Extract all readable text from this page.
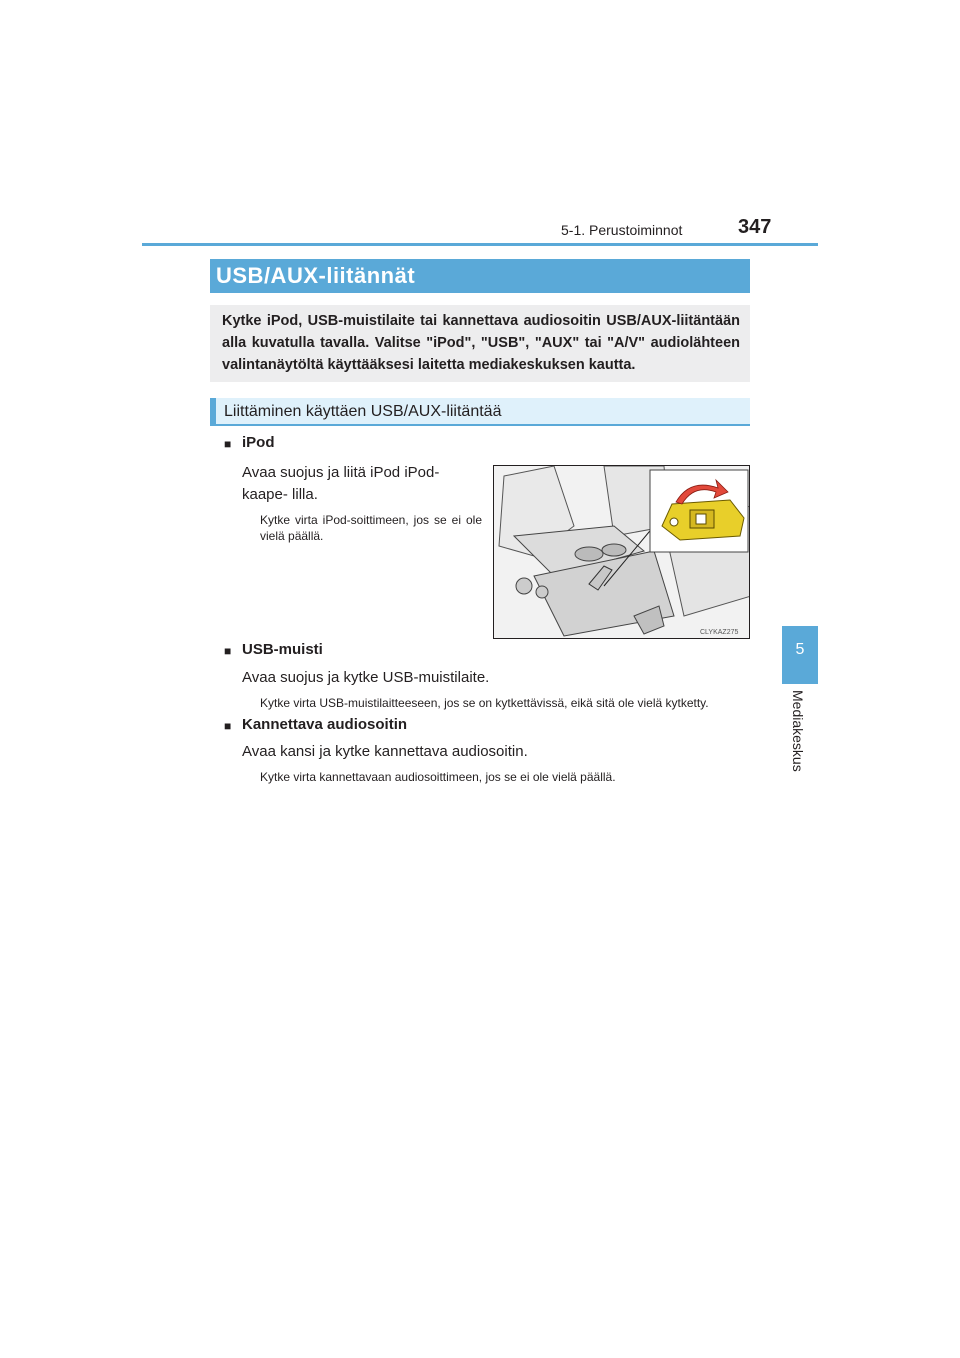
5-1. Perustoiminnot	347
5
Mediakeskus
USB/AUX-liitännät
Kytke iPod, USB-muistilaite tai kannettava audiosoitin USB/AUX-liitäntään alla kuvatulla tavalla. Valitse "iPod", "USB", "AUX" tai "A/V" audiolähteen valintanäytöltä käyttääksesi laitetta mediakeskuksen kautta.
Liittäminen käyttäen USB/AUX-liitäntää
■ iPod
Avaa suojus ja liitä iPod iPod-kaape- lilla.
Kytke virta iPod-soittimeen, jos se ei ole vielä päällä.
CLYKAZ275
■ USB-muisti
Avaa suojus ja kytke USB-muistilaite.
Kytke virta USB-muistilaitteeseen, jos se on kytkettävissä, eikä sitä ole vielä kytketty.
■ Kannettava audiosoitin
Avaa kansi ja kytke kannettava audiosoitin.
Kytke virta kannettavaan audiosoittimeen, jos se ei ole vielä päällä.
